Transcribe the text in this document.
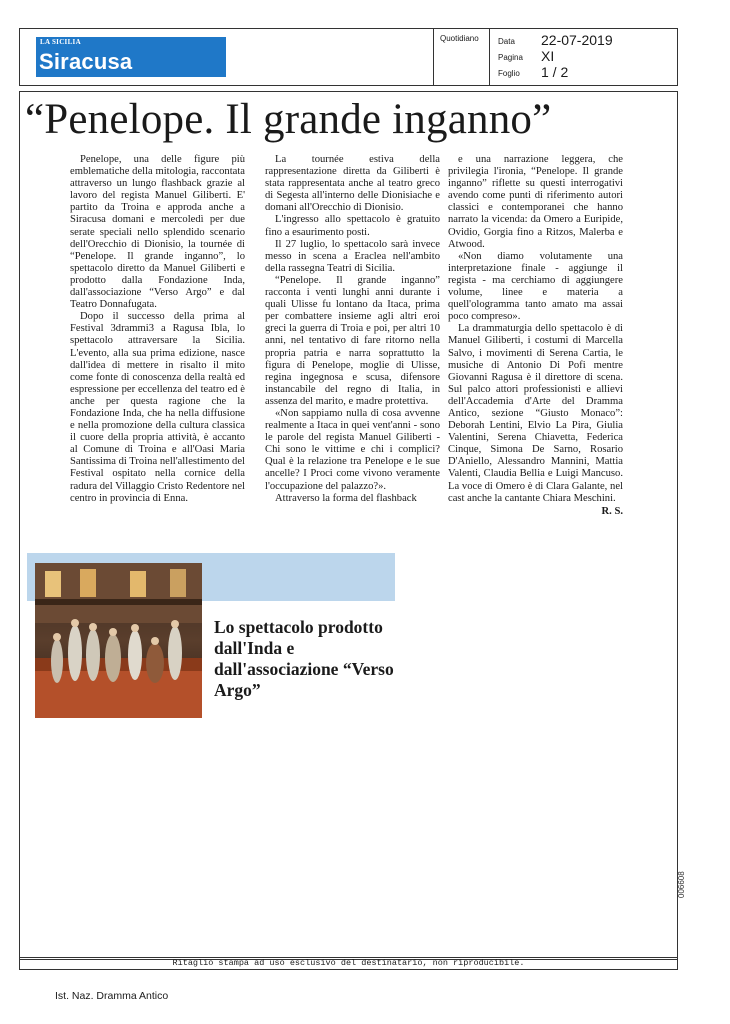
LA SICILIA
Siracusa
Quotidiano Data 22-07-2019
Pagina XI
Foglio 1 / 2
“Penelope. Il grande inganno”

Penelope, una delle figure più emblematiche della mitologia, raccontata attraverso un lungo flashback grazie al lavoro del regista Manuel Giliberti. E' partito da Troina e approda anche a Siracusa domani e mercoledì per due serate speciali nello splendido scenario dell'Orecchio di Dionisio, la tournée di “Penelope. Il grande inganno”, lo spettacolo diretto da Manuel Giliberti e prodotto dalla Fondazione Inda, dall'associazione “Verso Argo” e dal Teatro Donnafugata.

Dopo il successo della prima al Festival 3drammi3 a Ragusa Ibla, lo spettacolo attraversare la Sicilia. L'evento, alla sua prima edizione, nasce dall'idea di mettere in risalto il mito come fonte di conoscenza della realtà ed espressione per eccellenza del teatro ed è anche per questa ragione che la Fondazione Inda, che ha nella diffusione e nella promozione della cultura classica il cuore della propria attività, è accanto al Comune di Troina e all'Oasi Maria Santissima di Troina nell'allestimento del Festival ospitato nella cornice della radura del Villaggio Cristo Redentore nel centro in provincia di Enna.

La tournée estiva della rappresentazione diretta da Giliberti è stata rappresentata anche al teatro greco di Segesta all'interno delle Dionisiache e domani all'Orecchio di Dionisio.

L'ingresso allo spettacolo è gratuito fino a esaurimento posti.

Il 27 luglio, lo spettacolo sarà invece messo in scena a Eraclea nell'ambito della rassegna Teatri di Sicilia.

“Penelope. Il grande inganno” racconta i venti lunghi anni durante i quali Ulisse fu lontano da Itaca, prima per combattere insieme agli altri eroi greci la guerra di Troia e poi, per altri 10 anni, nel tentativo di fare ritorno nella propria patria e narra soprattutto la figura di Penelope, moglie di Ulisse, regina ingegnosa e scusa, difensore instancabile del regno di Italia, in assenza del marito, e madre protettiva.

«Non sappiamo nulla di cosa avvenne realmente a Itaca in quei vent'anni - sono le parole del regista Manuel Giliberti - Chi sono le vittime e chi i complici? Qual è la relazione tra Penelope e le sue ancelle? I Proci come vivono veramente l'occupazione del palazzo?».

Attraverso la forma del flashback

e una narrazione leggera, che privilegia l'ironia, “Penelope. Il grande inganno” riflette su questi interrogativi avendo come punti di riferimento autori classici e contemporanei che hanno narrato la vicenda: da Omero a Euripide, Ovidio, Gorgia fino a Ritzos, Malerba e Atwood.

«Non diamo volutamente una interpretazione finale - aggiunge il regista - ma cerchiamo di aggiungere volume, linee e materia a quell'ologramma tanto amato ma assai poco compreso».

La drammaturgia dello spettacolo è di Manuel Giliberti, i costumi di Marcella Salvo, i movimenti di Serena Cartia, le musiche di Antonio Di Pofi mentre Giovanni Ragusa è il direttore di scena. Sul palco attori professionisti e allievi dell'Accademia d'Arte del Dramma Antico, sezione “Giusto Monaco”: Deborah Lentini, Elvio La Pira, Giulia Valentini, Serena Chiavetta, Federica Cinque, Simona De Sarno, Rosario D'Aniello, Alessandro Mannini, Mattia Valenti, Claudia Bellia e Luigi Mancuso. La voce di Omero è di Clara Galante, nel cast anche la cantante Chiara Meschini.

R. S.

Lo spettacolo prodotto dall'Inda e dall'associazione “Verso Argo”
006608
Ritaglio stampa ad uso esclusivo del destinatario, non riproducibile.
Ist. Naz. Dramma Antico
